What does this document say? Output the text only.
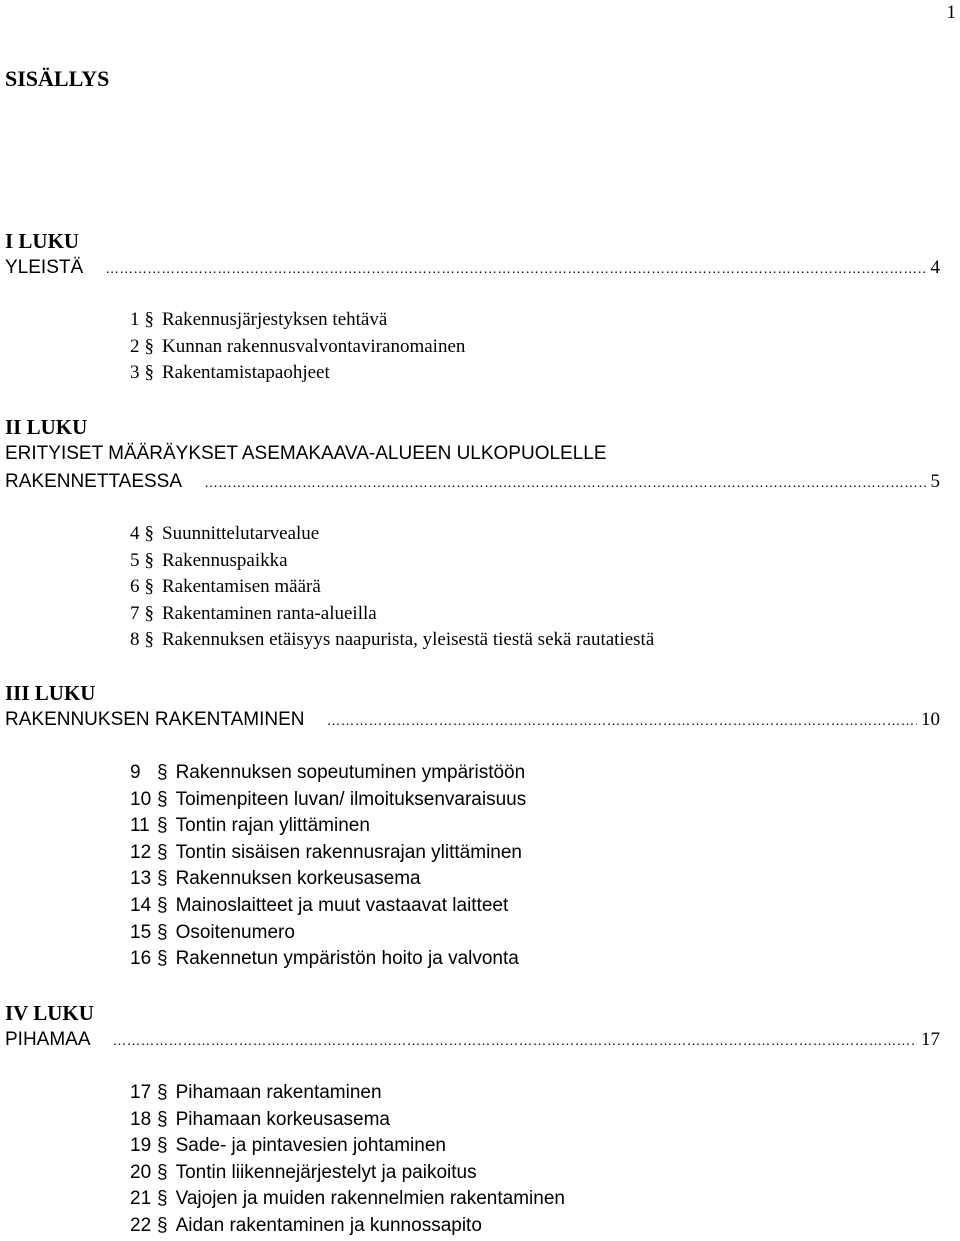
1
SISÄLLYS
I LUKU
YLEISTÄ …………………………………………………………………………………………………………………………………………………………………………	4
1 § Rakennusjärjestyksen tehtävä
2 § Kunnan rakennusvalvontaviranomainen
3 § Rakentamistapaohjeet
II LUKU
ERITYISET MÄÄRÄYKSET ASEMAKAAVA-ALUEEN ULKOPUOLELLE
RAKENNETTAESSA …………………………………………………………………………………………………………………………………………………………………………	5
4 § Suunnittelutarvealue
5 § Rakennuspaikka
6 § Rakentamisen määrä
7 § Rakentaminen ranta-alueilla
8 § Rakennuksen etäisyys naapurista, yleisestä tiestä sekä rautatiestä
III LUKU
RAKENNUKSEN RAKENTAMINEN …………………………………………………………………………………………………………………………………………………………………………	10
9 § Rakennuksen sopeutuminen ympäristöön
10 § Toimenpiteen luvan/ ilmoituksenvaraisuus
11 § Tontin rajan ylittäminen
12 § Tontin sisäisen rakennusrajan ylittäminen
13 § Rakennuksen korkeusasema
14 § Mainoslaitteet ja muut vastaavat laitteet
15 § Osoitenumero
16 § Rakennetun ympäristön hoito ja valvonta
IV LUKU
PIHAMAA …………………………………………………………………………………………………………………………………………………………………………	17
17 § Pihamaan rakentaminen
18 § Pihamaan korkeusasema
19 § Sade- ja pintavesien johtaminen
20 § Tontin liikennejärjestelyt ja paikoitus
21 § Vajojen ja muiden rakennelmien rakentaminen
22 § Aidan rakentaminen ja kunnossapito
